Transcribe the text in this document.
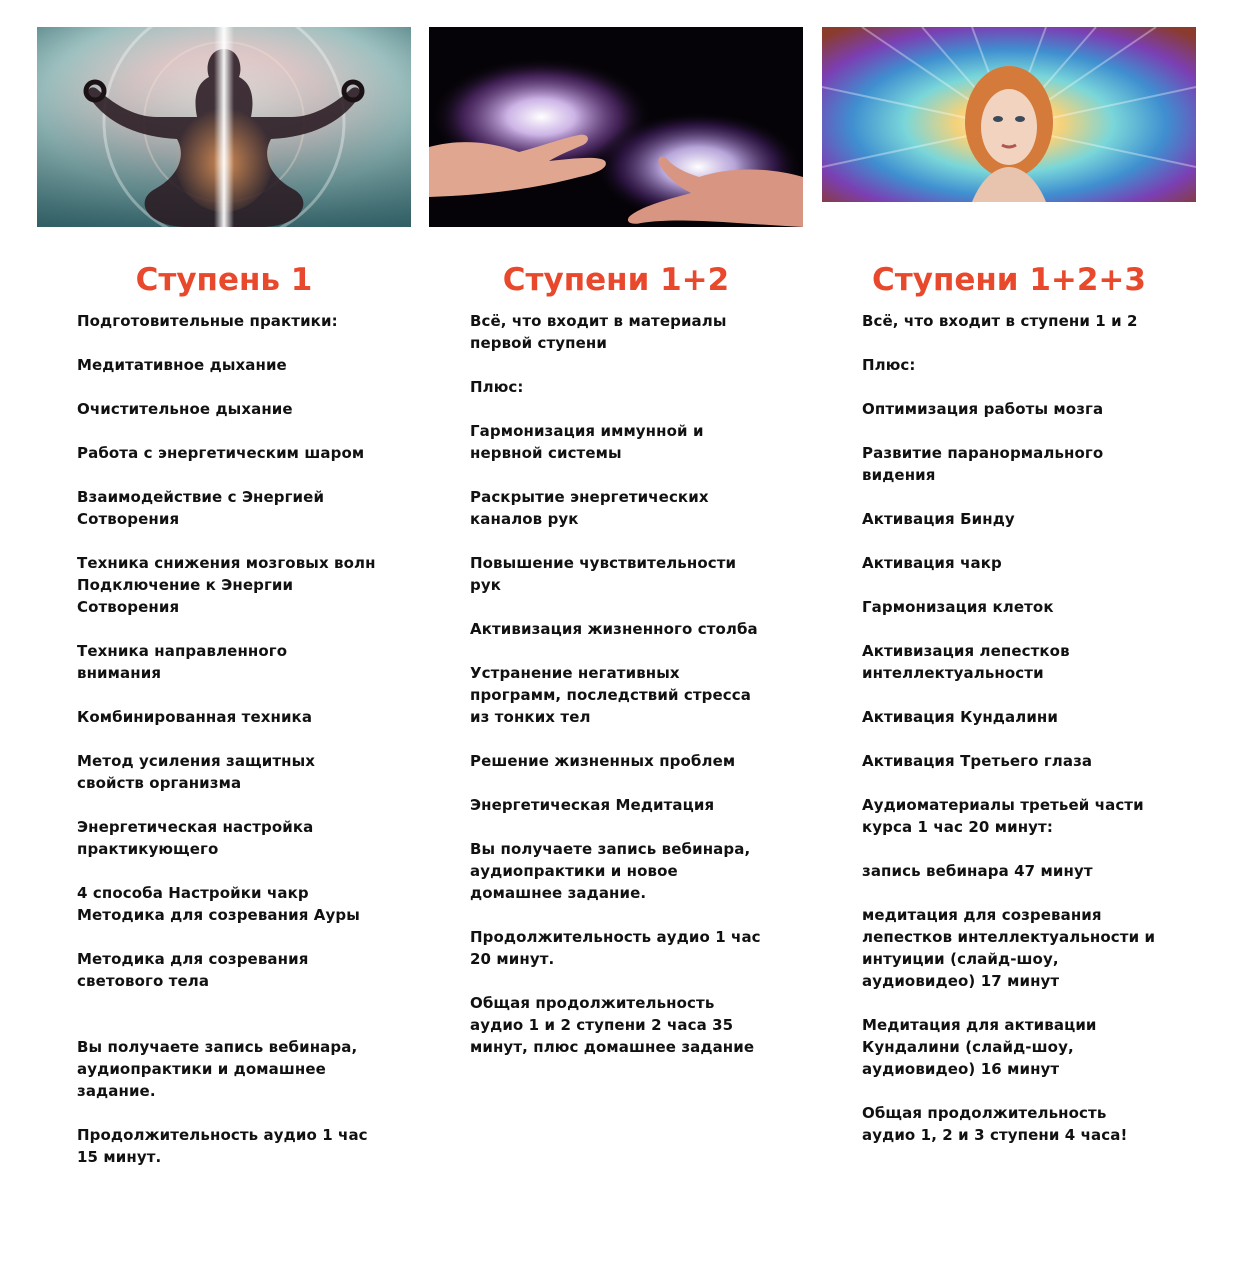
Ступень 1	Ступени 1+2	Ступени 1+2+3
Подготовительные практики:
Медитативное дыхание
Очистительное дыхание
Работа с энергетическим шаром
Взаимодействие с Энергией
Сотворения
Техника снижения мозговых волн
Подключение к Энергии
Сотворения
Техника направленного
внимания
Комбинированная техника
Метод усиления защитных
свойств организма
Энергетическая настройка
практикующего
4 способа Настройки чакр
Методика для созревания Ауры
Методика для созревания
светового тела
Вы получаете запись вебинара,
аудиопрактики и домашнее
задание.
Продолжительность аудио 1 час
15 минут.
Всё, что входит в материалы
первой ступени
Плюс:
Гармонизация иммунной и
нервной системы
Раскрытие энергетических
каналов рук
Повышение чувствительности
рук
Активизация жизненного столба
Устранение негативных
программ, последствий стресса
из тонких тел
Решение жизненных проблем
Энергетическая Медитация
Вы получаете запись вебинара,
аудиопрактики и новое
домашнее задание.
Продолжительность аудио 1 час
20 минут.
Общая продолжительность
аудио 1 и 2 ступени 2 часа 35
минут, плюс домашнее задание
Всё, что входит в ступени 1 и 2
Плюс:
Оптимизация работы мозга
Развитие паранормального
видения
Активация Бинду
Активация чакр
Гармонизация клеток
Активизация лепестков
интеллектуальности
Активация Кундалини
Активация Третьего глаза
Аудиоматериалы третьей части
курса 1 час 20 минут:
запись вебинара 47 минут
медитация для созревания
лепестков интеллектуальности и
интуиции (слайд-шоу,
аудиовидео) 17 минут
Медитация для активации
Кундалини (слайд-шоу,
аудиовидео) 16 минут
Общая продолжительность
аудио 1, 2 и 3 ступени 4 часа!
